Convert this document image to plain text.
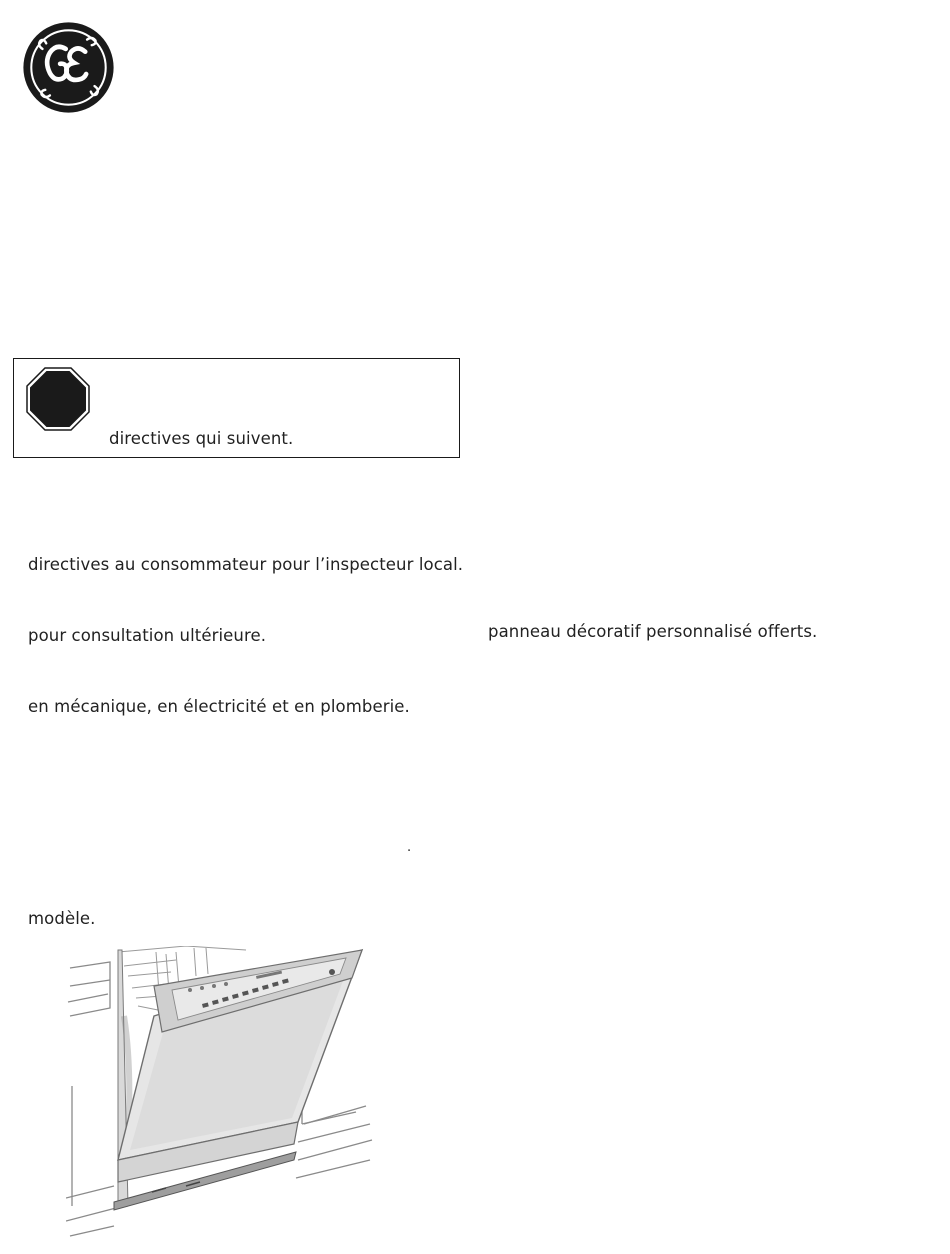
directives qui suivent.
directives au consommateur pour l’inspecteur local.
pour consultation ultérieure.
en mécanique, en électricité et en plomberie.
.
modèle.
panneau décoratif personnalisé offerts.
